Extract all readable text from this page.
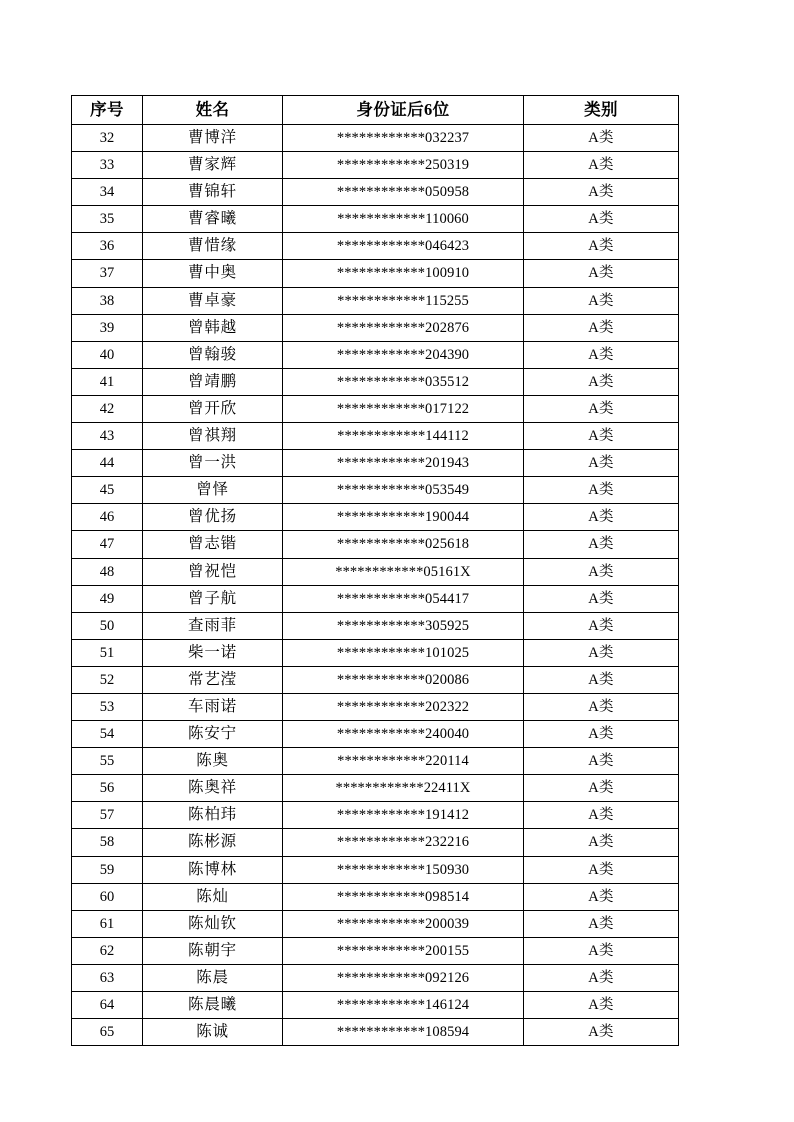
序号	姓名	身份证后6位	类别
32	曹博洋	************032237	A类
33	曹家辉	************250319	A类
34	曹锦轩	************050958	A类
35	曹睿曦	************110060	A类
36	曹惜缘	************046423	A类
37	曹中奥	************100910	A类
38	曹卓豪	************115255	A类
39	曾韩越	************202876	A类
40	曾翰骏	************204390	A类
41	曾靖鹏	************035512	A类
42	曾开欣	************017122	A类
43	曾祺翔	************144112	A类
44	曾一洪	************201943	A类
45	曾怿	************053549	A类
46	曾优扬	************190044	A类
47	曾志锴	************025618	A类
48	曾祝恺	************05161X	A类
49	曾子航	************054417	A类
50	查雨菲	************305925	A类
51	柴一诺	************101025	A类
52	常艺滢	************020086	A类
53	车雨诺	************202322	A类
54	陈安宁	************240040	A类
55	陈奥	************220114	A类
56	陈奥祥	************22411X	A类
57	陈柏玮	************191412	A类
58	陈彬源	************232216	A类
59	陈博林	************150930	A类
60	陈灿	************098514	A类
61	陈灿钦	************200039	A类
62	陈朝宇	************200155	A类
63	陈晨	************092126	A类
64	陈晨曦	************146124	A类
65	陈诚	************108594	A类
